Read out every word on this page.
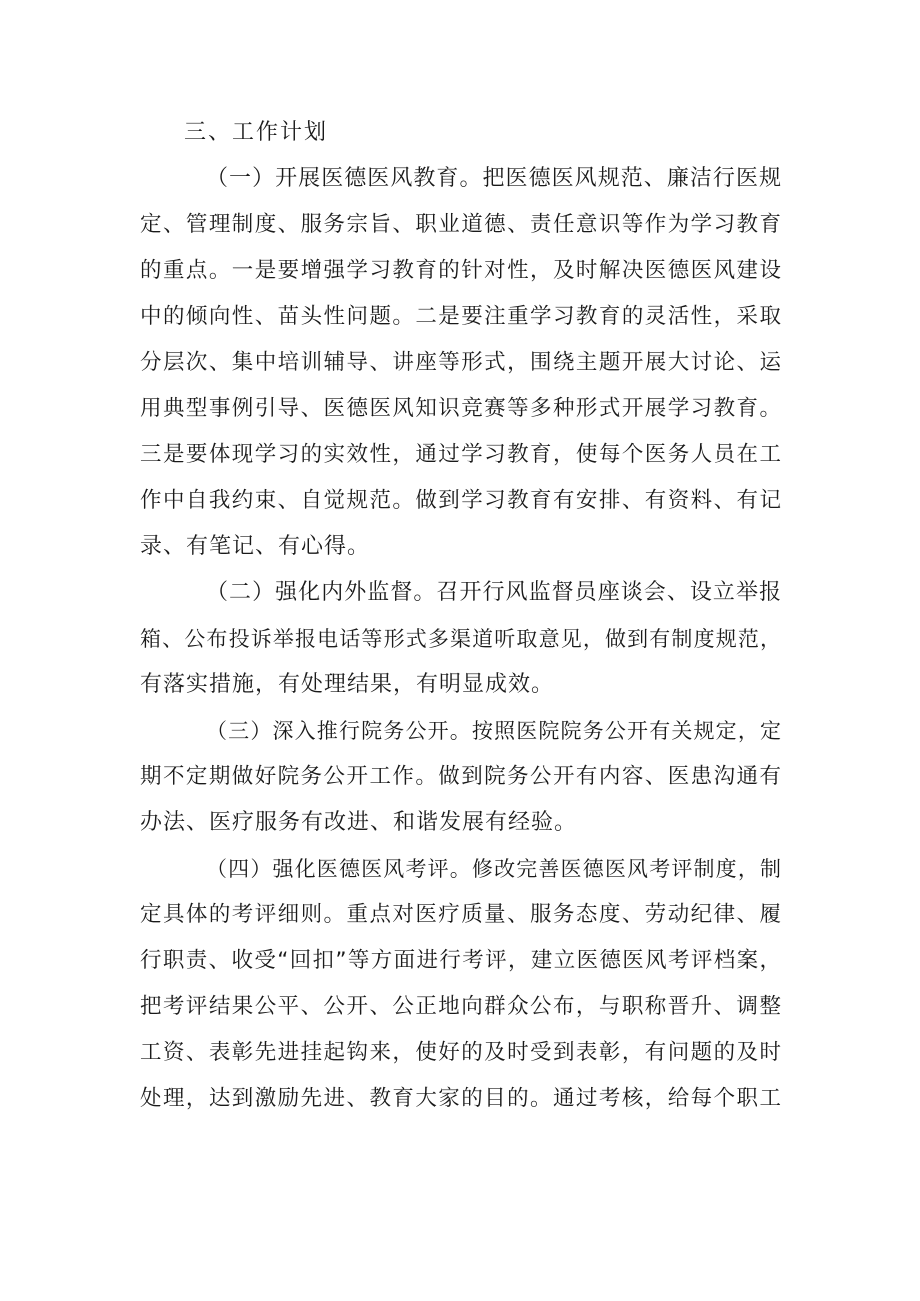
三、工作计划
（一）开展医德医风教育。把医德医风规范、廉洁行医规
定、管理制度、服务宗旨、职业道德、责任意识等作为学习教育
的重点。一是要增强学习教育的针对性，及时解决医德医风建设
中的倾向性、苗头性问题。二是要注重学习教育的灵活性，采取
分层次、集中培训辅导、讲座等形式，围绕主题开展大讨论、运
用典型事例引导、医德医风知识竞赛等多种形式开展学习教育。
三是要体现学习的实效性，通过学习教育，使每个医务人员在工
作中自我约束、自觉规范。做到学习教育有安排、有资料、有记
录、有笔记、有心得。
（二）强化内外监督。召开行风监督员座谈会、设立举报
箱、公布投诉举报电话等形式多渠道听取意见，做到有制度规范，
有落实措施，有处理结果，有明显成效。
（三）深入推行院务公开。按照医院院务公开有关规定，定
期不定期做好院务公开工作。做到院务公开有内容、医患沟通有
办法、医疗服务有改进、和谐发展有经验。
（四）强化医德医风考评。修改完善医德医风考评制度，制
定具体的考评细则。重点对医疗质量、服务态度、劳动纪律、履
行职责、收受“回扣”等方面进行考评，建立医德医风考评档案，
把考评结果公平、公开、公正地向群众公布，与职称晋升、调整
工资、表彰先进挂起钩来，使好的及时受到表彰，有问题的及时
处理，达到激励先进、教育大家的目的。通过考核，给每个职工
